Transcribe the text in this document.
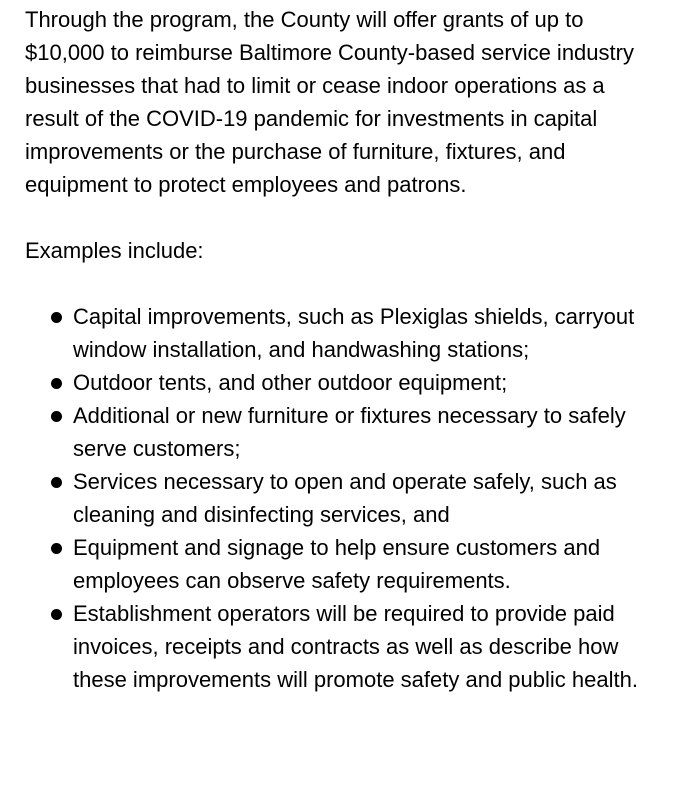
Through the program, the County will offer grants of up to $10,000 to reimburse Baltimore County-based service industry businesses that had to limit or cease indoor operations as a result of the COVID-19 pandemic for investments in capital improvements or the purchase of furniture, fixtures, and equipment to protect employees and patrons.

Examples include:

Capital improvements, such as Plexiglas shields, carryout window installation, and handwashing stations;
Outdoor tents, and other outdoor equipment;
Additional or new furniture or fixtures necessary to safely serve customers;
Services necessary to open and operate safely, such as cleaning and disinfecting services, and
Equipment and signage to help ensure customers and employees can observe safety requirements.
Establishment operators will be required to provide paid invoices, receipts and contracts as well as describe how these improvements will promote safety and public health.
